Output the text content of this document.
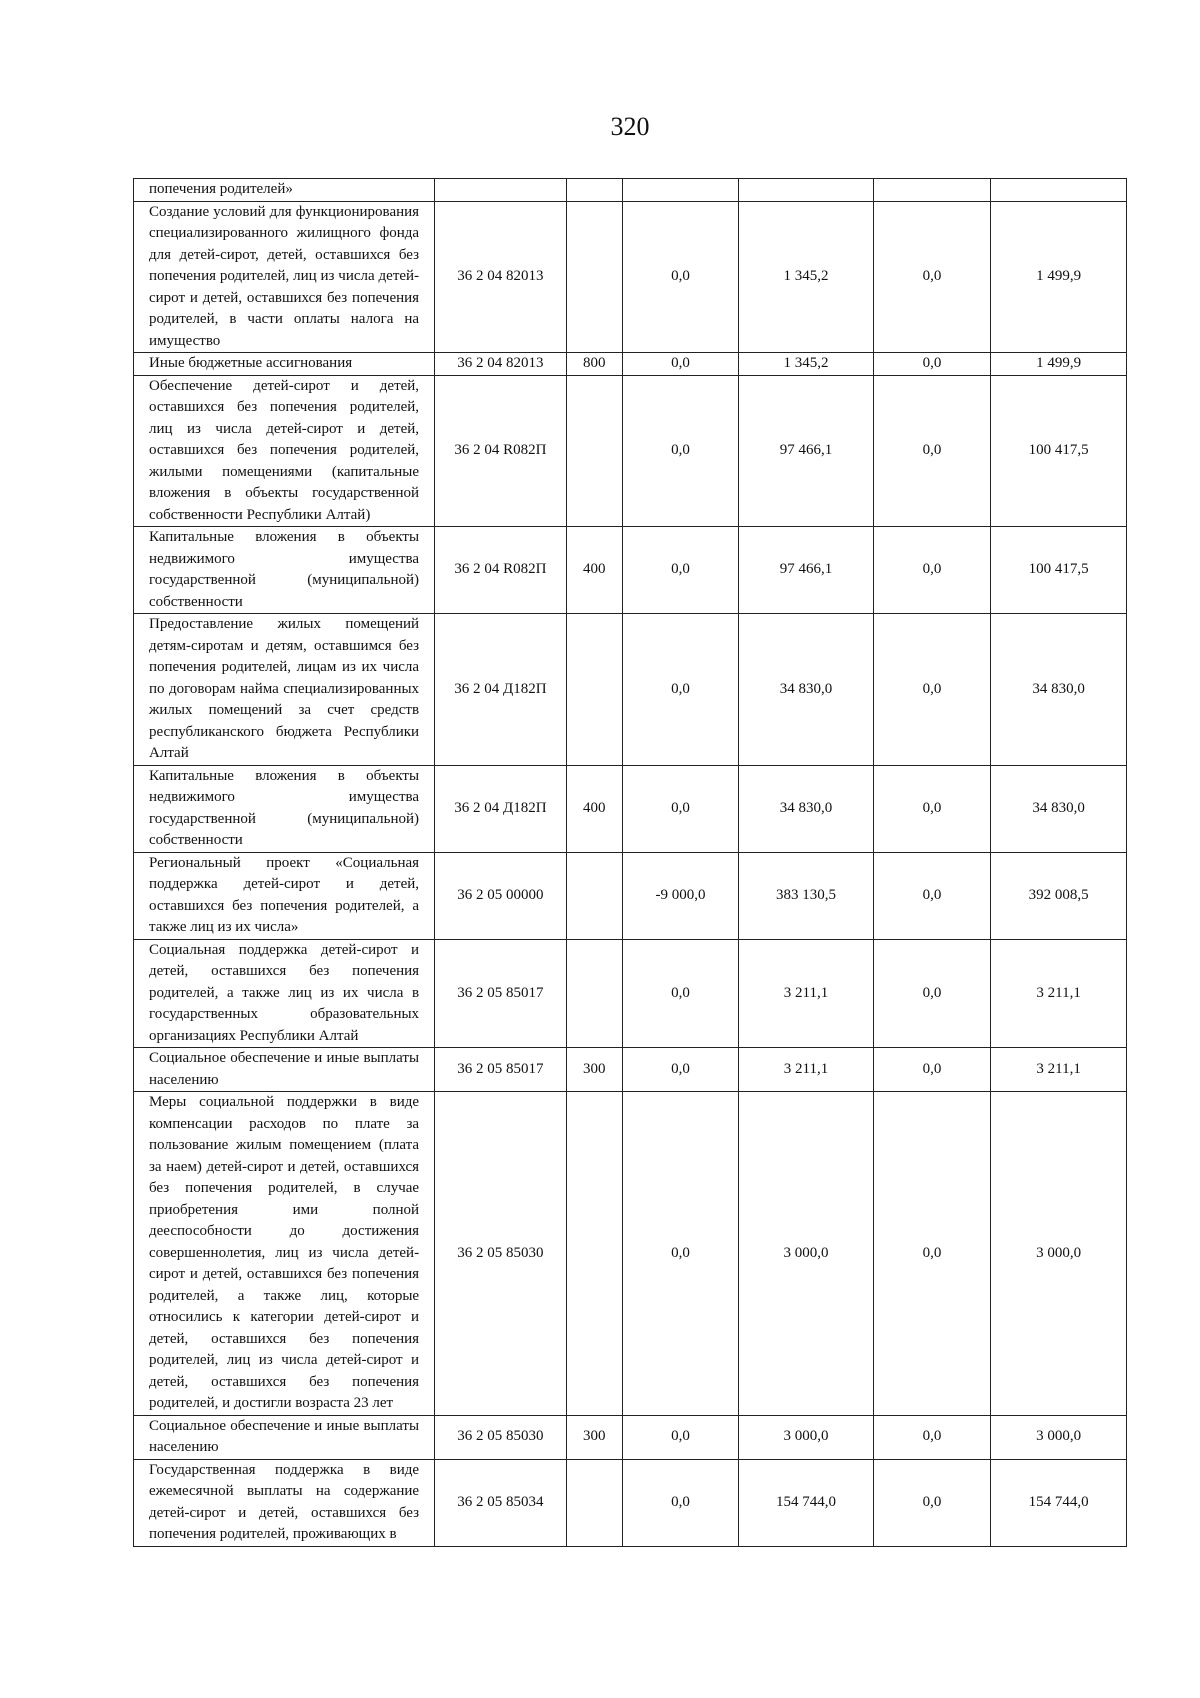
320
попечения родителей»						
Создание условий для функционирования специализированного жилищного фонда для детей-сирот, детей, оставшихся без попечения родителей, лиц из числа детей-сирот и детей, оставшихся без попечения родителей, в части оплаты налога на имущество	36 2 04 82013		0,0	1 345,2	0,0	1 499,9
Иные бюджетные ассигнования	36 2 04 82013	800	0,0	1 345,2	0,0	1 499,9
Обеспечение детей-сирот и детей, оставшихся без попечения родителей, лиц из числа детей-сирот и детей, оставшихся без попечения родителей, жилыми помещениями (капитальные вложения в объекты государственной собственности Республики Алтай)	36 2 04 R082П		0,0	97 466,1	0,0	100 417,5
Капитальные вложения в объекты недвижимого имущества государственной (муниципальной) собственности	36 2 04 R082П	400	0,0	97 466,1	0,0	100 417,5
Предоставление жилых помещений детям-сиротам и детям, оставшимся без попечения родителей, лицам из их числа по договорам найма специализированных жилых помещений за счет средств республиканского бюджета Республики Алтай	36 2 04 Д182П		0,0	34 830,0	0,0	34 830,0
Капитальные вложения в объекты недвижимого имущества государственной (муниципальной) собственности	36 2 04 Д182П	400	0,0	34 830,0	0,0	34 830,0
Региональный проект «Социальная поддержка детей-сирот и детей, оставшихся без попечения родителей, а также лиц из их числа»	36 2 05 00000		-9 000,0	383 130,5	0,0	392 008,5
Социальная поддержка детей-сирот и детей, оставшихся без попечения родителей, а также лиц из их числа в государственных образовательных организациях Республики Алтай	36 2 05 85017		0,0	3 211,1	0,0	3 211,1
Социальное обеспечение и иные выплаты населению	36 2 05 85017	300	0,0	3 211,1	0,0	3 211,1
Меры социальной поддержки в виде компенсации расходов по плате за пользование жилым помещением (плата за наем) детей-сирот и детей, оставшихся без попечения родителей, в случае приобретения ими полной дееспособности до достижения совершеннолетия, лиц из числа детей-сирот и детей, оставшихся без попечения родителей, а также лиц, которые относились к категории детей-сирот и детей, оставшихся без попечения родителей, лиц из числа детей-сирот и детей, оставшихся без попечения родителей, и достигли возраста 23 лет	36 2 05 85030		0,0	3 000,0	0,0	3 000,0
Социальное обеспечение и иные выплаты населению	36 2 05 85030	300	0,0	3 000,0	0,0	3 000,0
Государственная поддержка в виде ежемесячной выплаты на содержание детей-сирот и детей, оставшихся без попечения родителей, проживающих в	36 2 05 85034		0,0	154 744,0	0,0	154 744,0
